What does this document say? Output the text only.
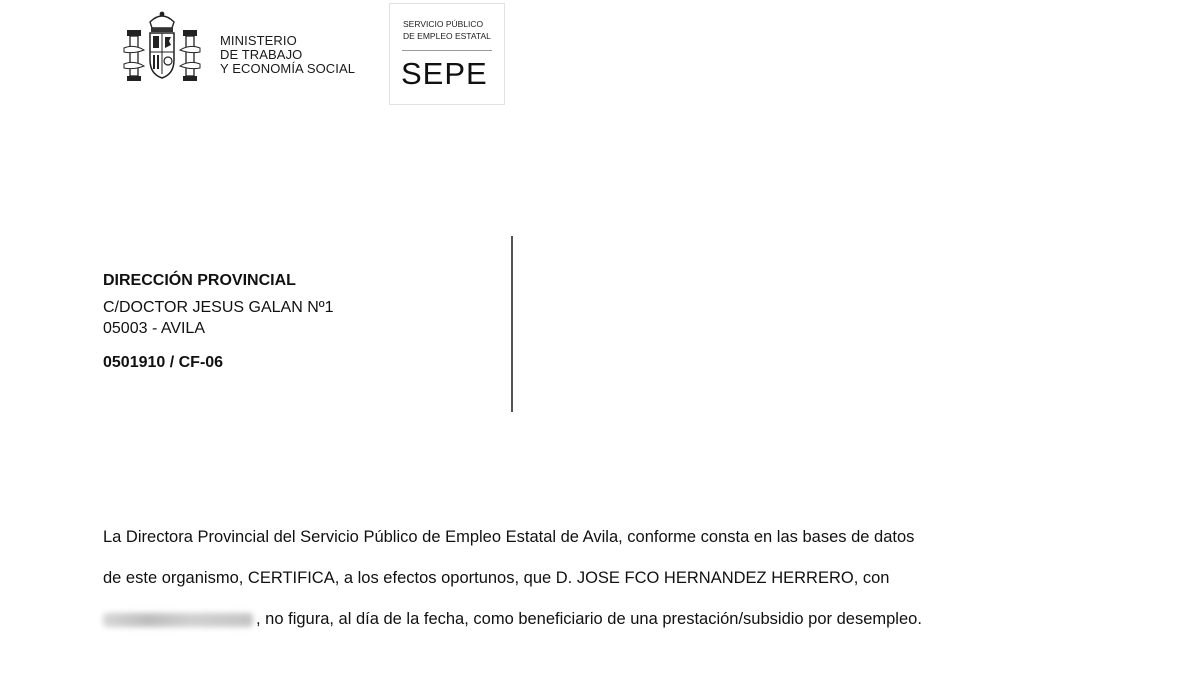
MINISTERIO
DE TRABAJO
Y ECONOMÍA SOCIAL
SERVICIO PÚBLICO
DE EMPLEO ESTATAL
SEPE
DIRECCIÓN PROVINCIAL
C/DOCTOR JESUS GALAN Nº1
05003 - AVILA
0501910 / CF-06
La Directora Provincial del Servicio Público de Empleo Estatal de Avila, conforme consta en las bases de datos
de este organismo, CERTIFICA, a los efectos oportunos, que D. JOSE FCO HERNANDEZ HERRERO, con
, no figura, al día de la fecha, como beneficiario de una prestación/subsidio por desempleo.
